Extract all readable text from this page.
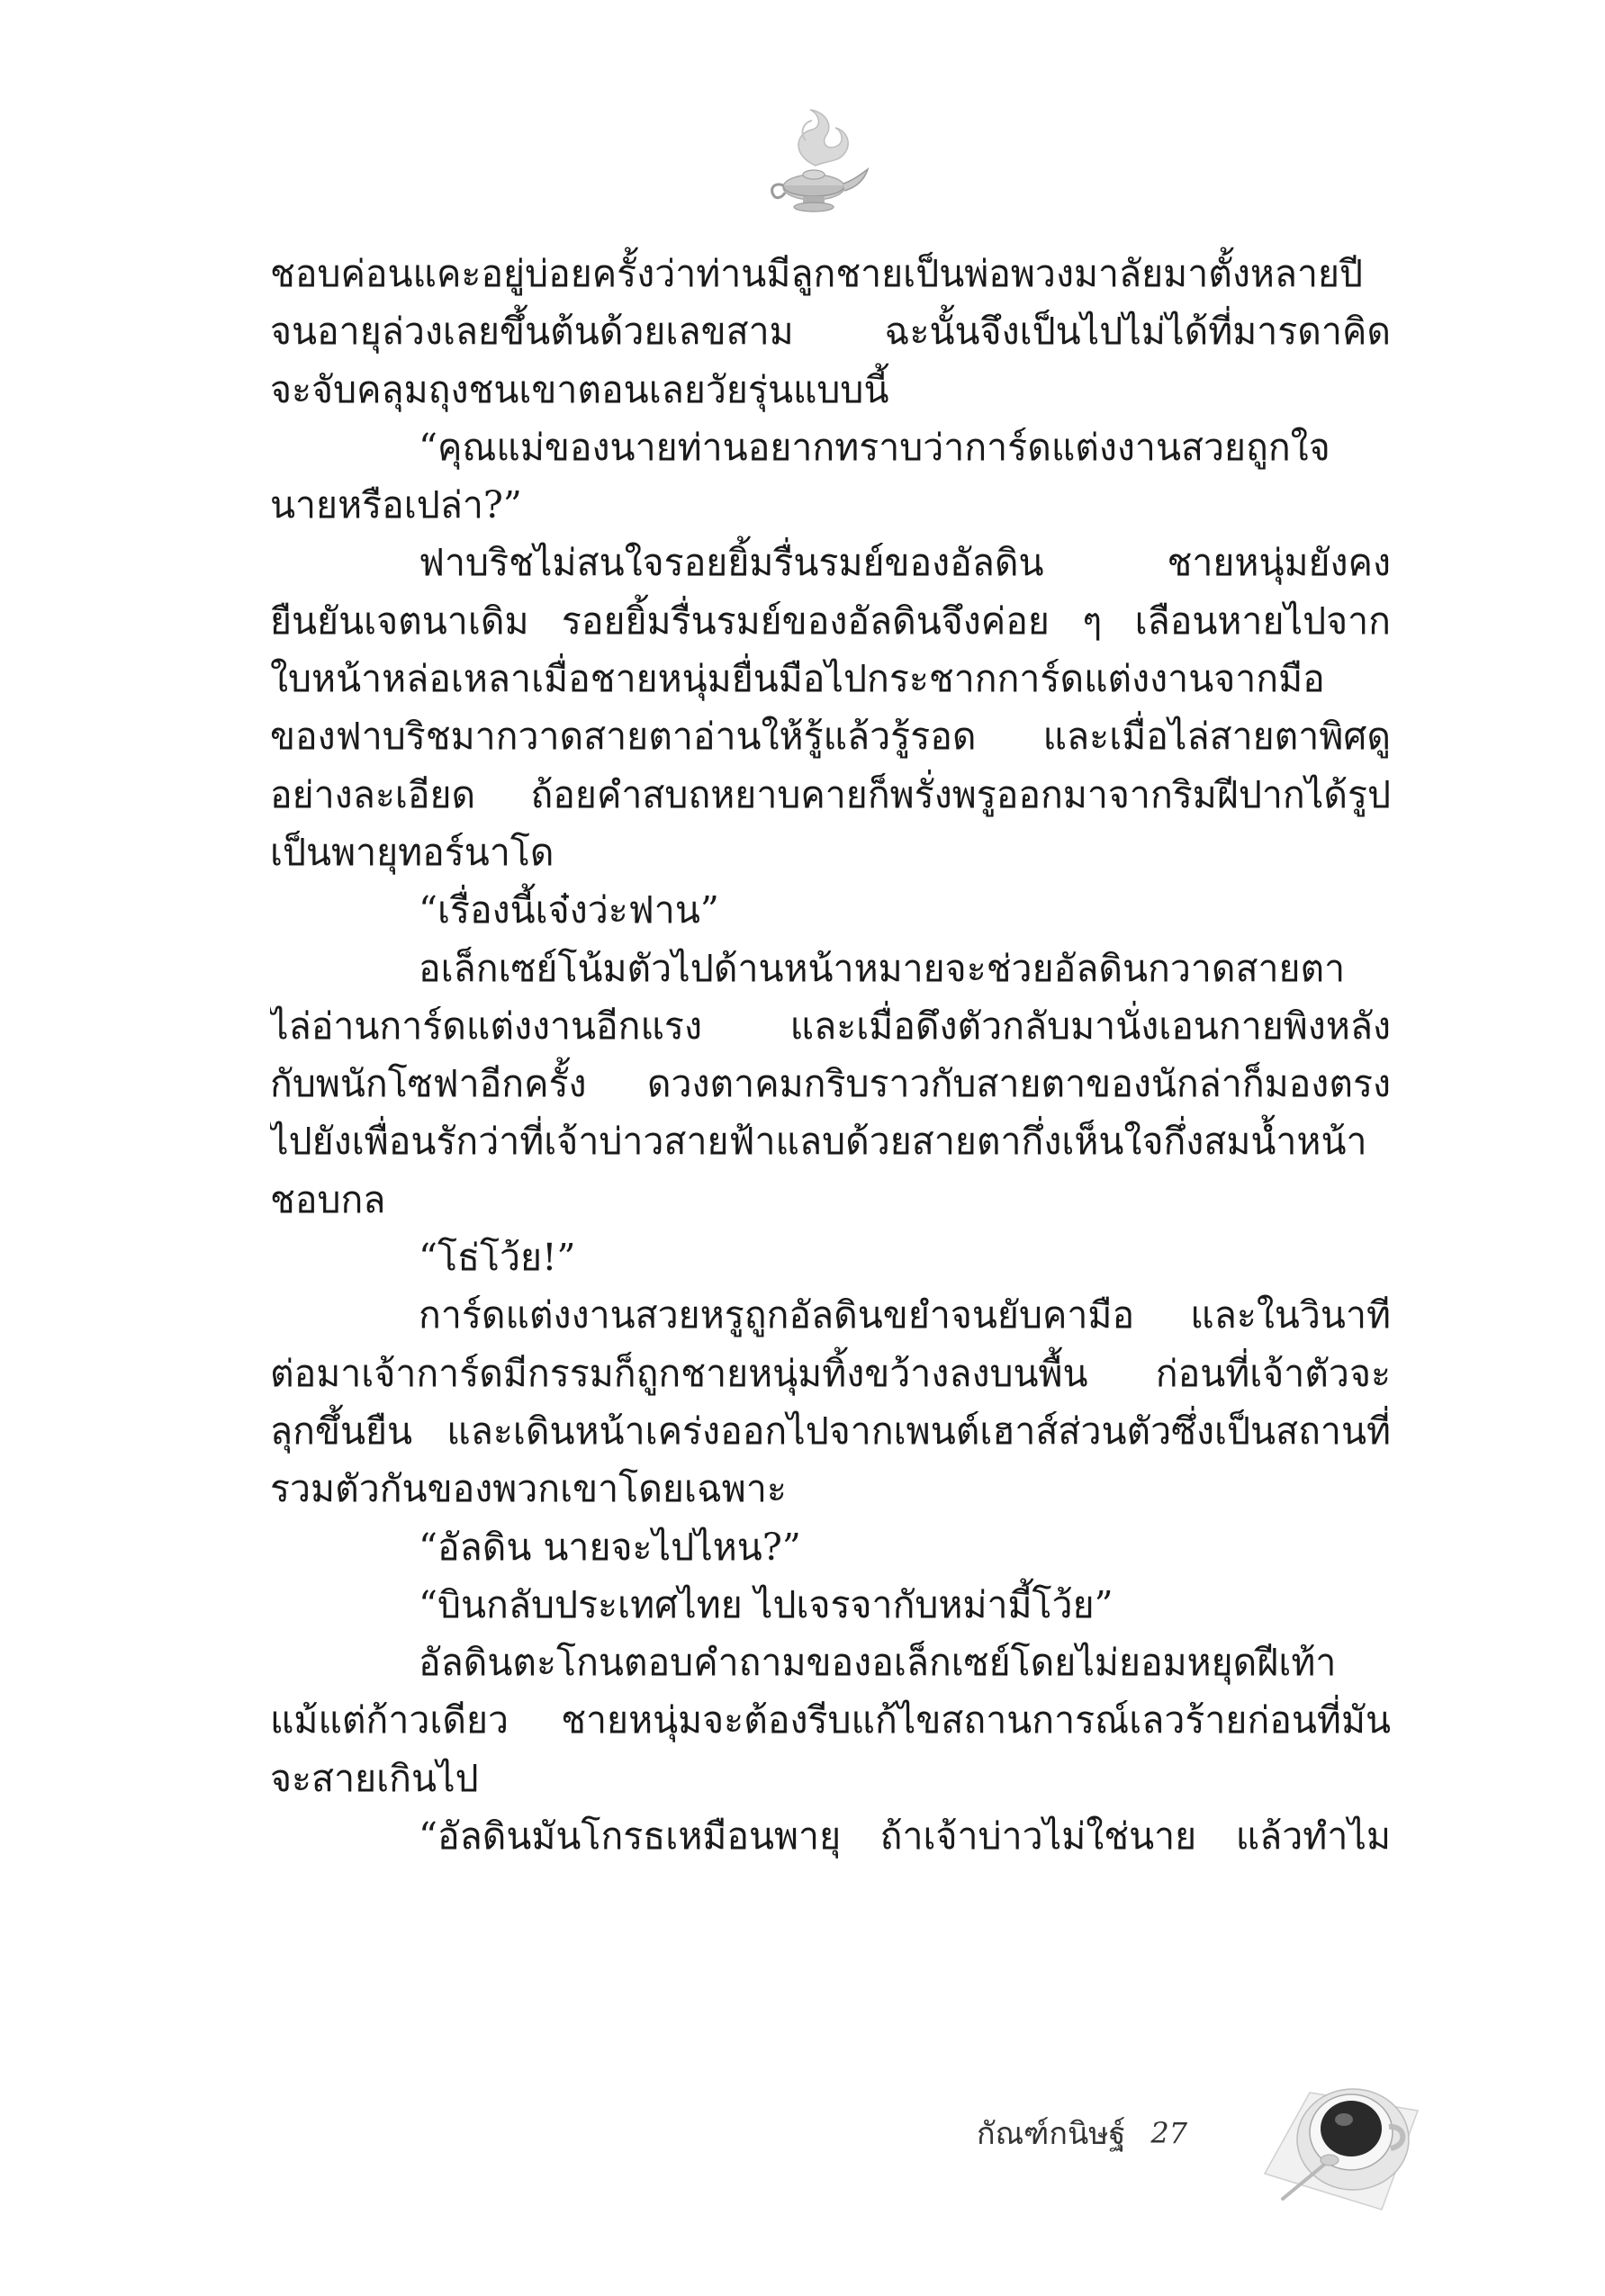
ชอบค่อนแคะอยู่บ่อยครั้งว่าท่านมีลูกชายเป็นพ่อพวงมาลัยมาตั้งหลายปี
จนอายุล่วงเลยขึ้นต้นด้วยเลขสาม ฉะนั้นจึงเป็นไปไม่ได้ที่มารดาคิด
จะจับคลุมถุงชนเขาตอนเลยวัยรุ่นแบบนี้
“คุณแม่ของนายท่านอยากทราบว่าการ์ดแต่งงานสวยถูกใจ
นายหรือเปล่า?”
ฟาบริชไม่สนใจรอยยิ้มรื่นรมย์ของอัลดิน ชายหนุ่มยังคง
ยืนยันเจตนาเดิม รอยยิ้มรื่นรมย์ของอัลดินจึงค่อย ๆ เลือนหายไปจาก
ใบหน้าหล่อเหลาเมื่อชายหนุ่มยื่นมือไปกระชากการ์ดแต่งงานจากมือ
ของฟาบริชมากวาดสายตาอ่านให้รู้แล้วรู้รอด และเมื่อไล่สายตาพิศดู
อย่างละเอียด ถ้อยคำสบถหยาบคายก็พรั่งพรูออกมาจากริมฝีปากได้รูป
เป็นพายุทอร์นาโด
“เรื่องนี้เจ๋งว่ะฟาน”
อเล็กเซย์โน้มตัวไปด้านหน้าหมายจะช่วยอัลดินกวาดสายตา
ไล่อ่านการ์ดแต่งงานอีกแรง และเมื่อดึงตัวกลับมานั่งเอนกายพิงหลัง
กับพนักโซฟาอีกครั้ง ดวงตาคมกริบราวกับสายตาของนักล่าก็มองตรง
ไปยังเพื่อนรักว่าที่เจ้าบ่าวสายฟ้าแลบด้วยสายตากึ่งเห็นใจกึ่งสมน้ำหน้า
ชอบกล
“โธ่โว้ย!”
การ์ดแต่งงานสวยหรูถูกอัลดินขยำจนยับคามือ และในวินาที
ต่อมาเจ้าการ์ดมีกรรมก็ถูกชายหนุ่มทิ้งขว้างลงบนพื้น ก่อนที่เจ้าตัวจะ
ลุกขึ้นยืน และเดินหน้าเคร่งออกไปจากเพนต์เฮาส์ส่วนตัวซึ่งเป็นสถานที่
รวมตัวกันของพวกเขาโดยเฉพาะ
“อัลดิน นายจะไปไหน?”
“บินกลับประเทศไทย ไปเจรจากับหม่ามี้โว้ย”
อัลดินตะโกนตอบคำถามของอเล็กเซย์โดยไม่ยอมหยุดฝีเท้า
แม้แต่ก้าวเดียว ชายหนุ่มจะต้องรีบแก้ไขสถานการณ์เลวร้ายก่อนที่มัน
จะสายเกินไป
“อัลดินมันโกรธเหมือนพายุ ถ้าเจ้าบ่าวไม่ใช่นาย แล้วทำไม
กัณฑ์กนิษฐ์ 27
